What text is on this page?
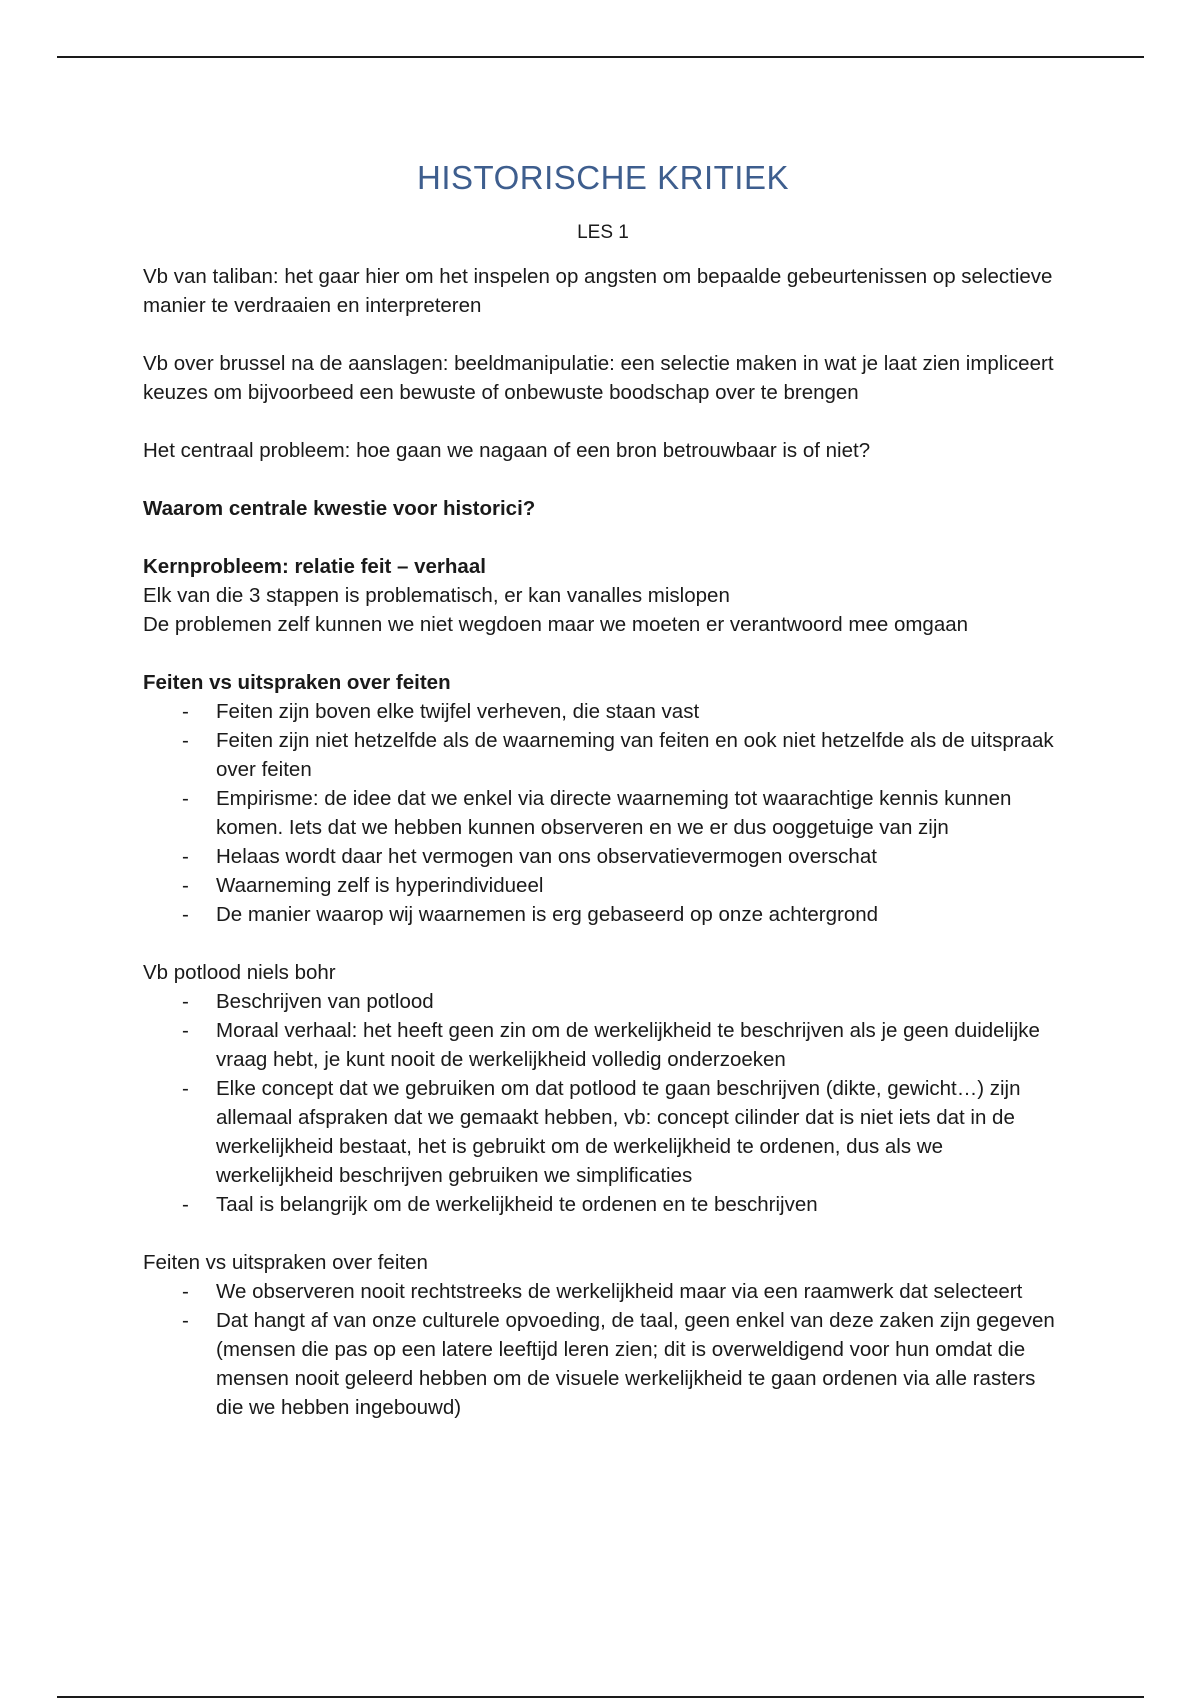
HISTORISCHE KRITIEK

LES 1

Vb van taliban: het gaar hier om het inspelen op angsten om bepaalde gebeurtenissen op selectieve manier te verdraaien en interpreteren

Vb over brussel na de aanslagen: beeldmanipulatie: een selectie maken in wat je laat zien impliceert keuzes om bijvoorbeed een bewuste of onbewuste boodschap over te brengen

Het centraal probleem: hoe gaan we nagaan of een bron betrouwbaar is of niet?

Waarom centrale kwestie voor historici?

Kernprobleem: relatie feit – verhaal

Elk van die 3 stappen is problematisch, er kan vanalles mislopen

De problemen zelf kunnen we niet wegdoen maar we moeten er verantwoord mee omgaan

Feiten vs uitspraken over feiten

- Feiten zijn boven elke twijfel verheven, die staan vast
- Feiten zijn niet hetzelfde als de waarneming van feiten en ook niet hetzelfde als de uitspraak over feiten
- Empirisme: de idee dat we enkel via directe waarneming tot waarachtige kennis kunnen komen. Iets dat we hebben kunnen observeren en we er dus ooggetuige van zijn
- Helaas wordt daar het vermogen van ons observatievermogen overschat
- Waarneming zelf is hyperindividueel
- De manier waarop wij waarnemen is erg gebaseerd op onze achtergrond

Vb potlood niels bohr

- Beschrijven van potlood
- Moraal verhaal: het heeft geen zin om de werkelijkheid te beschrijven als je geen duidelijke vraag hebt, je kunt nooit de werkelijkheid volledig onderzoeken
- Elke concept dat we gebruiken om dat potlood te gaan beschrijven (dikte, gewicht…) zijn allemaal afspraken dat we gemaakt hebben, vb: concept cilinder dat is niet iets dat in de werkelijkheid bestaat, het is gebruikt om de werkelijkheid te ordenen, dus als we werkelijkheid beschrijven gebruiken we simplificaties
- Taal is belangrijk om de werkelijkheid te ordenen en te beschrijven

Feiten vs uitspraken over feiten

- We observeren nooit rechtstreeks de werkelijkheid maar via een raamwerk dat selecteert
- Dat hangt af van onze culturele opvoeding, de taal, geen enkel van deze zaken zijn gegeven (mensen die pas op een latere leeftijd leren zien; dit is overweldigend voor hun omdat die mensen nooit geleerd hebben om de visuele werkelijkheid te gaan ordenen via alle rasters die we hebben ingebouwd)
